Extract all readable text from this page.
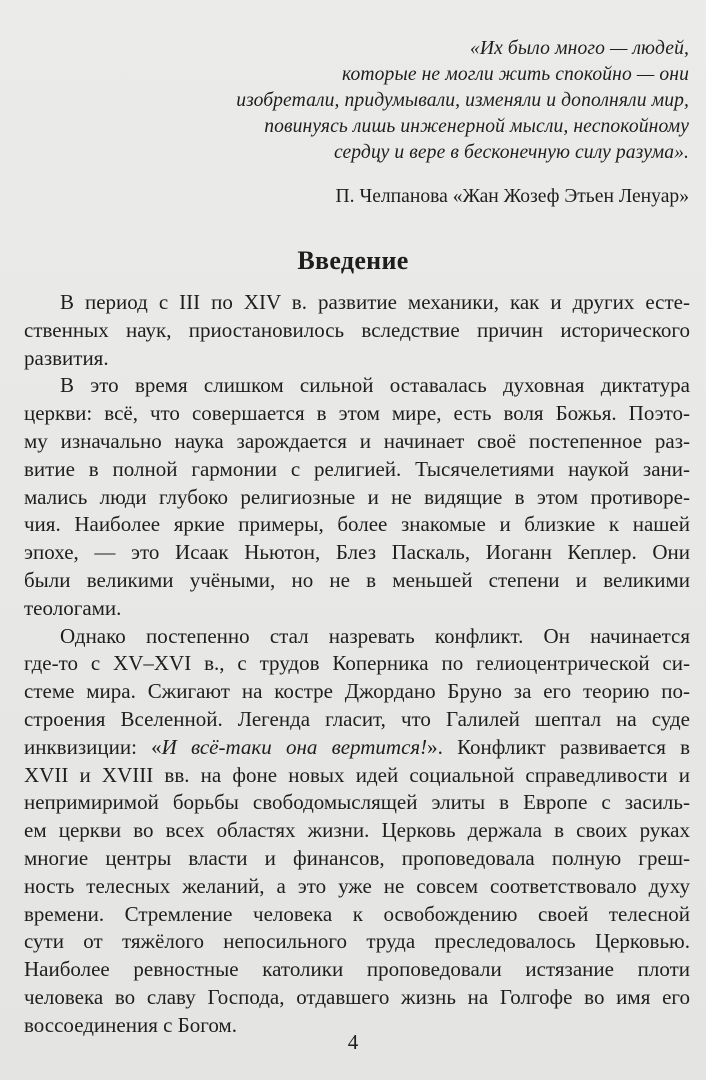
«Их было много — людей,
которые не могли жить спокойно — они
изобретали, придумывали, изменяли и дополняли мир,
повинуясь лишь инженерной мысли, неспокойному
сердцу и вере в бесконечную силу разума».
П. Челпанова «Жан Жозеф Этьен Ленуар»
Введение
В период с III по XIV в. развитие механики, как и других есте-
ственных наук, приостановилось вследствие причин исторического
развития.
В это время слишком сильной оставалась духовная диктатура
церкви: всё, что совершается в этом мире, есть воля Божья. Поэто-
му изначально наука зарождается и начинает своё постепенное раз-
витие в полной гармонии с религией. Тысячелетиями наукой зани-
мались люди глубоко религиозные и не видящие в этом противоре-
чия. Наиболее яркие примеры, более знакомые и близкие к нашей
эпохе, — это Исаак Ньютон, Блез Паскаль, Иоганн Кеплер. Они
были великими учёными, но не в меньшей степени и великими
теологами.
Однако постепенно стал назревать конфликт. Он начинается
где-то с XV–XVI в., с трудов Коперника по гелиоцентрической си-
стеме мира. Сжигают на костре Джордано Бруно за его теорию по-
строения Вселенной. Легенда гласит, что Галилей шептал на суде
инквизиции: «И всё-таки она вертится!». Конфликт развивается в
XVII и XVIII вв. на фоне новых идей социальной справедливости и
непримиримой борьбы свободомыслящей элиты в Европе с засиль-
ем церкви во всех областях жизни. Церковь держала в своих руках
многие центры власти и финансов, проповедовала полную греш-
ность телесных желаний, а это уже не совсем соответствовало духу
времени. Стремление человека к освобождению своей телесной
сути от тяжёлого непосильного труда преследовалось Церковью.
Наиболее ревностные католики проповедовали истязание плоти
человека во славу Господа, отдавшего жизнь на Голгофе во имя его
воссоединения с Богом.
4
